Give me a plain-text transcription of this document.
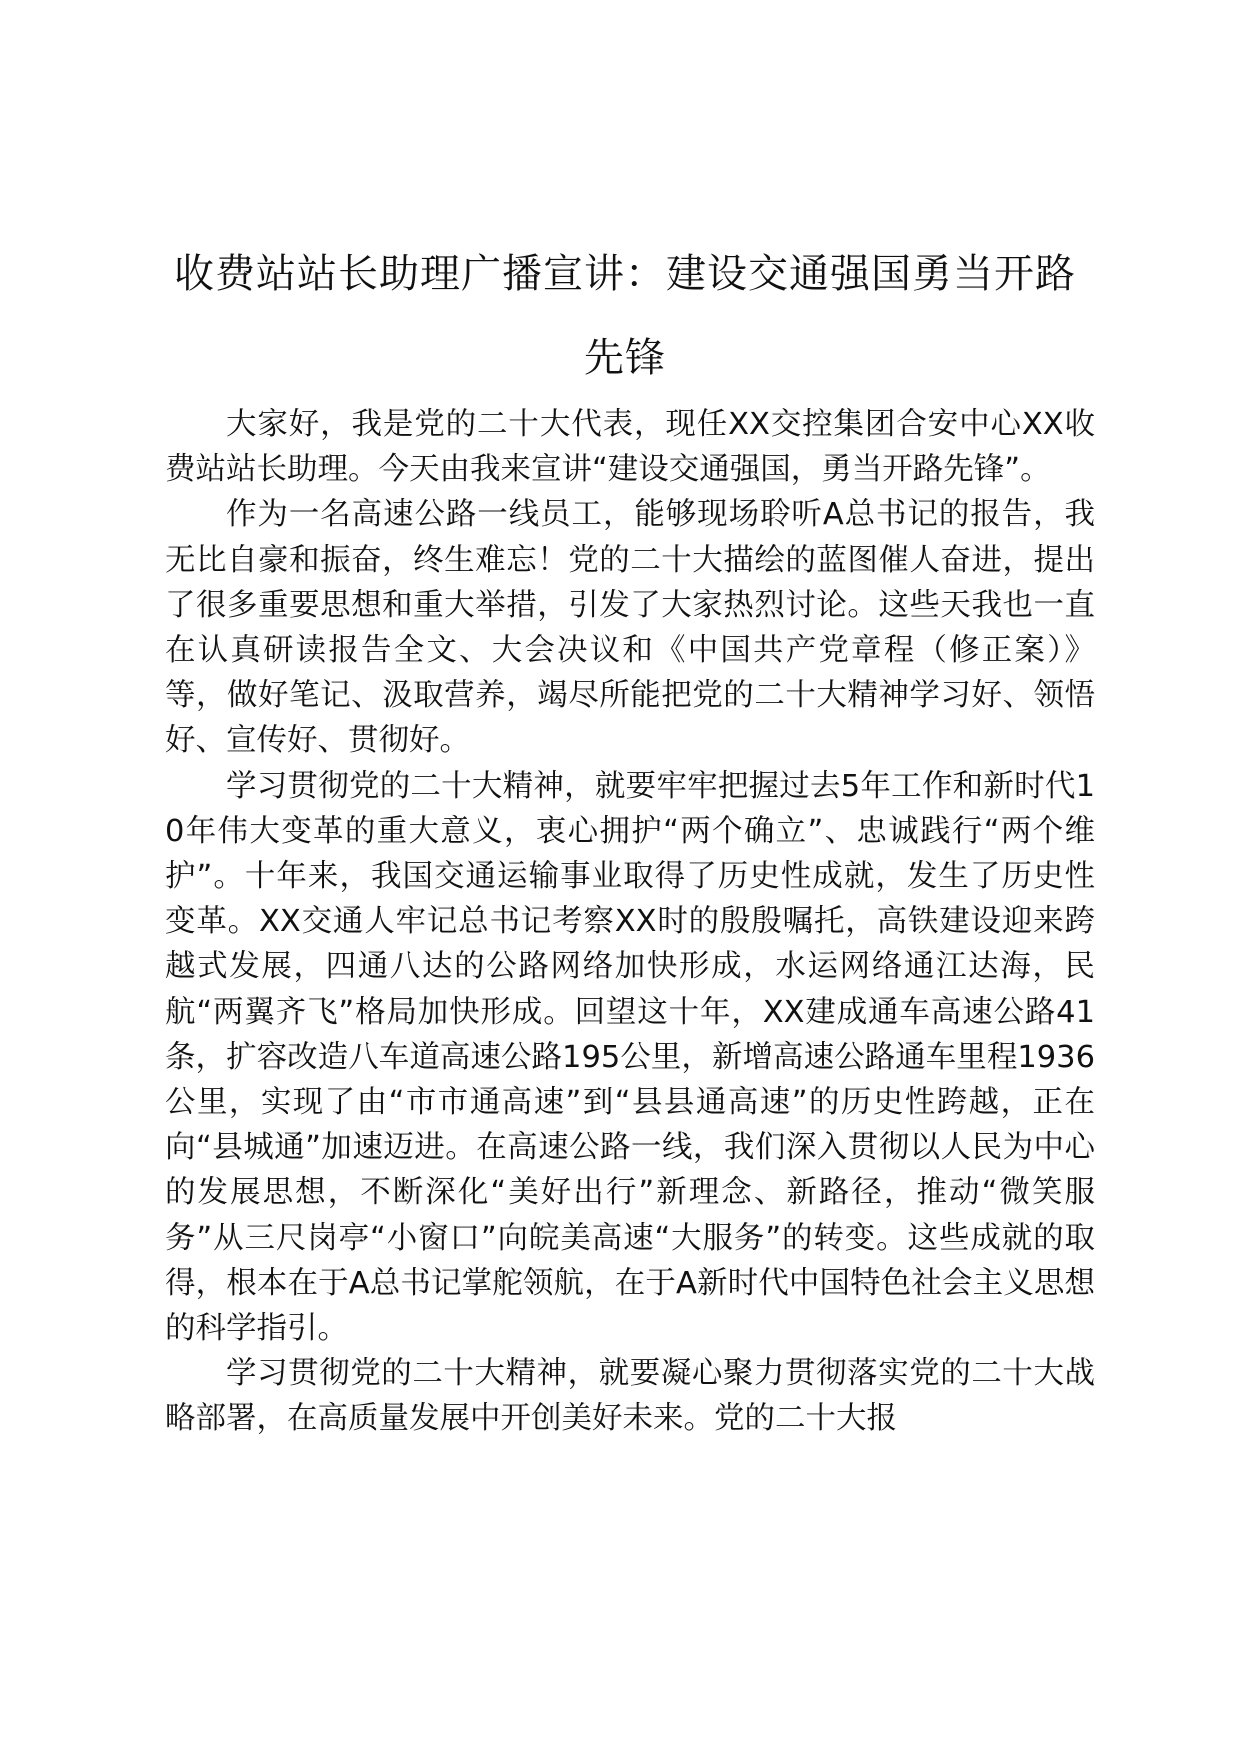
收费站站长助理广播宣讲：建设交通强国勇当开路先锋

大家好，我是党的二十大代表，现任XX交控集团合安中心XX收费站站长助理。今天由我来宣讲“建设交通强国，勇当开路先锋”。

作为一名高速公路一线员工，能够现场聆听A总书记的报告，我无比自豪和振奋，终生难忘！党的二十大描绘的蓝图催人奋进，提出了很多重要思想和重大举措，引发了大家热烈讨论。这些天我也一直在认真研读报告全文、大会决议和《中国共产党章程（修正案）》等，做好笔记、汲取营养，竭尽所能把党的二十大精神学习好、领悟好、宣传好、贯彻好。

学习贯彻党的二十大精神，就要牢牢把握过去5年工作和新时代10年伟大变革的重大意义，衷心拥护“两个确立”、忠诚践行“两个维护”。十年来，我国交通运输事业取得了历史性成就，发生了历史性变革。XX交通人牢记总书记考察XX时的殷殷嘱托，高铁建设迎来跨越式发展，四通八达的公路网络加快形成，水运网络通江达海，民航“两翼齐飞”格局加快形成。回望这十年，XX建成通车高速公路41条，扩容改造八车道高速公路195公里，新增高速公路通车里程1936公里，实现了由“市市通高速”到“县县通高速”的历史性跨越，正在向“县城通”加速迈进。在高速公路一线，我们深入贯彻以人民为中心的发展思想，不断深化“美好出行”新理念、新路径，推动“微笑服务”从三尺岗亭“小窗口”向皖美高速“大服务”的转变。这些成就的取得，根本在于A总书记掌舵领航，在于A新时代中国特色社会主义思想的科学指引。

学习贯彻党的二十大精神，就要凝心聚力贯彻落实党的二十大战略部署，在高质量发展中开创美好未来。党的二十大报
